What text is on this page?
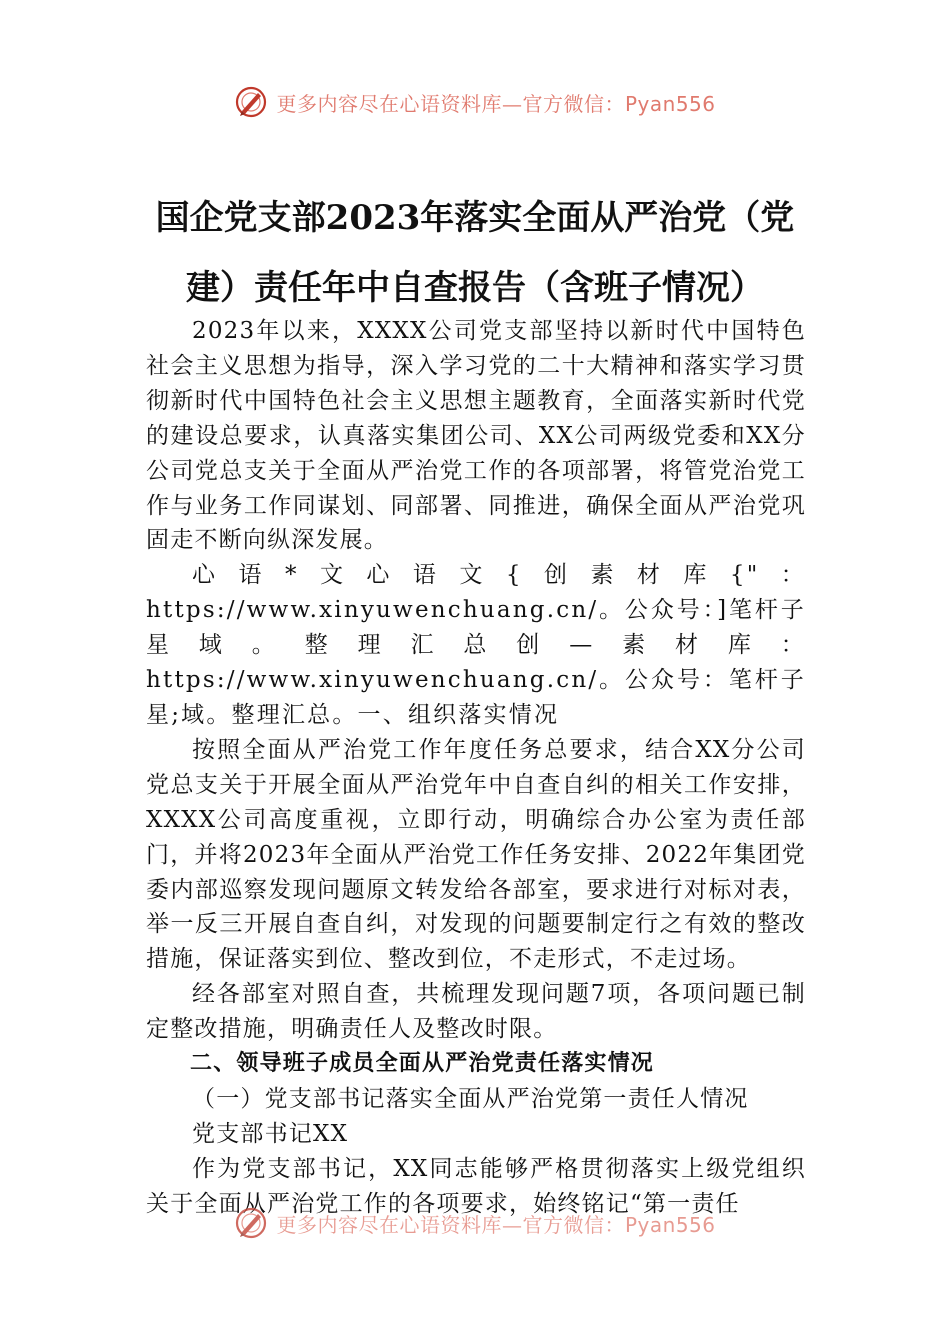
更多内容尽在心语资料库—官方微信：Pyan556
国企党支部2023年落实全面从严治党（党
建）责任年中自查报告（含班子情况）

2023年以来，XXXX公司党支部坚持以新时代中国特色社会主义思想为指导，深入学习党的二十大精神和落实学习贯彻新时代中国特色社会主义思想主题教育，全面落实新时代党的建设总要求，认真落实集团公司、XX公司两级党委和XX分公司党总支关于全面从严治党工作的各项部署，将管党治党工作与业务工作同谋划、同部署、同推进，确保全面从严治党巩固走不断向纵深发展。

心语*文心语文{创素材库{"：https://www.xinyuwenchuang.cn/。公众号：]笔杆子星域。整理汇总创—素材库：https://www.xinyuwenchuang.cn/。公众号：笔杆子星;域。整理汇总。一、组织落实情况

按照全面从严治党工作年度任务总要求，结合XX分公司党总支关于开展全面从严治党年中自查自纠的相关工作安排，XXXX公司高度重视，立即行动，明确综合办公室为责任部门，并将2023年全面从严治党工作任务安排、2022年集团党委内部巡察发现问题原文转发给各部室，要求进行对标对表，举一反三开展自查自纠，对发现的问题要制定行之有效的整改措施，保证落实到位、整改到位，不走形式，不走过场。

经各部室对照自查，共梳理发现问题7项，各项问题已制定整改措施，明确责任人及整改时限。

二、领导班子成员全面从严治党责任落实情况

（一）党支部书记落实全面从严治党第一责任人情况

党支部书记XX

作为党支部书记，XX同志能够严格贯彻落实上级党组织关于全面从严治党工作的各项要求，始终铭记“第一责任

更多内容尽在心语资料库—官方微信：Pyan556
